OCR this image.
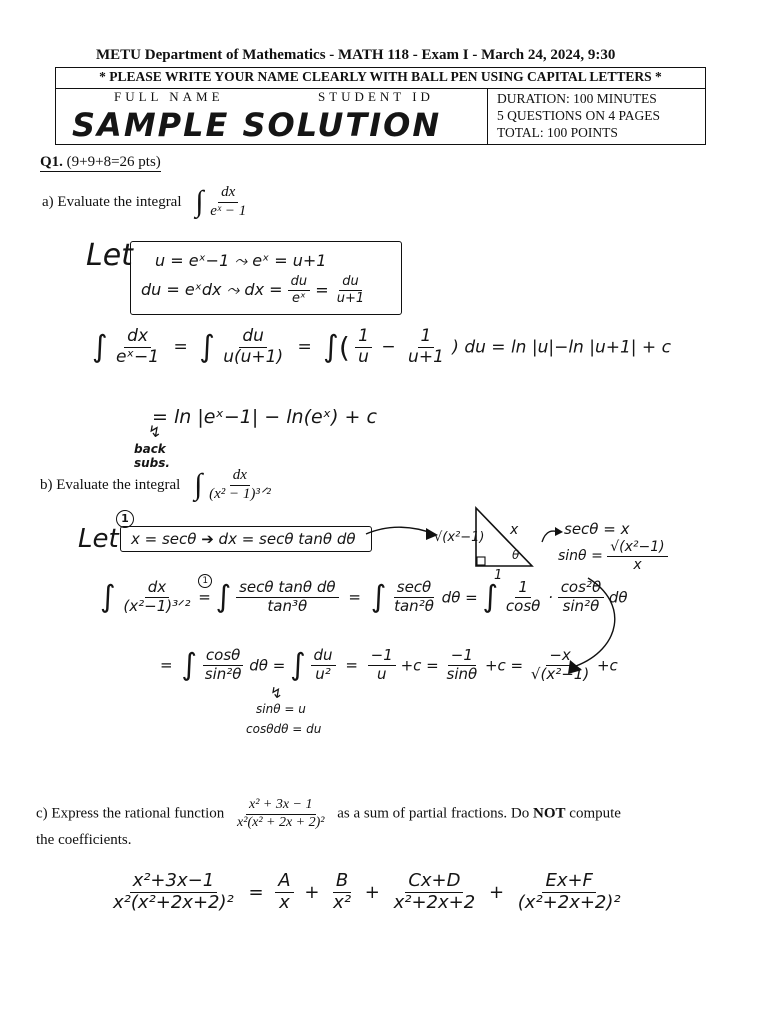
METU Department of Mathematics - MATH 118 - Exam I - March 24, 2024, 9:30
* PLEASE WRITE YOUR NAME CLEARLY WITH BALL PEN USING CAPITAL LETTERS *
FULL NAME	STUDENT ID
SAMPLE SOLUTION
DURATION: 100 MINUTES
5 QUESTIONS ON 4 PAGES
TOTAL: 100 POINTS
Q1. (9+9+8=26 pts)
a) Evaluate the integral ∫ $\frac{dx}{\text{eˣ − 1}}$
Let u = eˣ−1 ⤳ eˣ = u+1
du = eˣdx ⤳ dx = $\frac{du}{\text{eˣ}} = \frac{du}{u+1}$
∫ $\frac{dx}{\text{eˣ−1}}$ = ∫ $\frac{du}{u(u+1)}$ = ∫( $\frac{1}{u} - \frac{1}{u+1}$ ) du = ln |u|−ln |u+1| + c
= ln |eˣ−1| − ln(eˣ) + c
↯
back subs.
b) Evaluate the integral ∫ $\frac{dx}{\text{(x² − 1)³ᐟ²}}$
Let
1
x = secθ ➔ dx = secθ tanθ dθ	x
√(x²−1)
1
θ
secθ = x
$\sin\theta = \frac{\text{√(x²−1)}}{x}$
∫ $\frac{dx}{\text{(x²−1)³ᐟ²}}$ =
1 ∫ $\frac{\text{secθ tanθ dθ}}{\text{tan³θ}}$ = ∫ $\frac{\sec\theta}{\text{tan²θ}}$ dθ = ∫ $\frac{1}{\cos\theta} \cdot \frac{\text{cos²θ}}{\text{sin²θ}}$ dθ
= ∫ $\frac{\cos\theta}{\text{sin²θ}}$ dθ = ∫ $\frac{du}{\text{u²}} = \frac{-1}{u} +c = \frac{-1}{\sin\theta} +c = \frac{-x}{\text{√(x²−1)}} +c$
↯
sinθ = u
cosθdθ = du
c) Express the rational function $\frac{\text{x² + 3x − 1}}{\text{x²(x² + 2x + 2)²}}$ as a sum of partial fractions. Do NOT compute
the coefficients.
$\frac{\text{x²+3x−1}}{\text{x²(x²+2x+2)²}} = \frac{A}{x} + \frac{B}{\text{x²}} + \frac{Cx+D}{\text{x²+2x+2}} + \frac{Ex+F}{\text{(x²+2x+2)²}}$
